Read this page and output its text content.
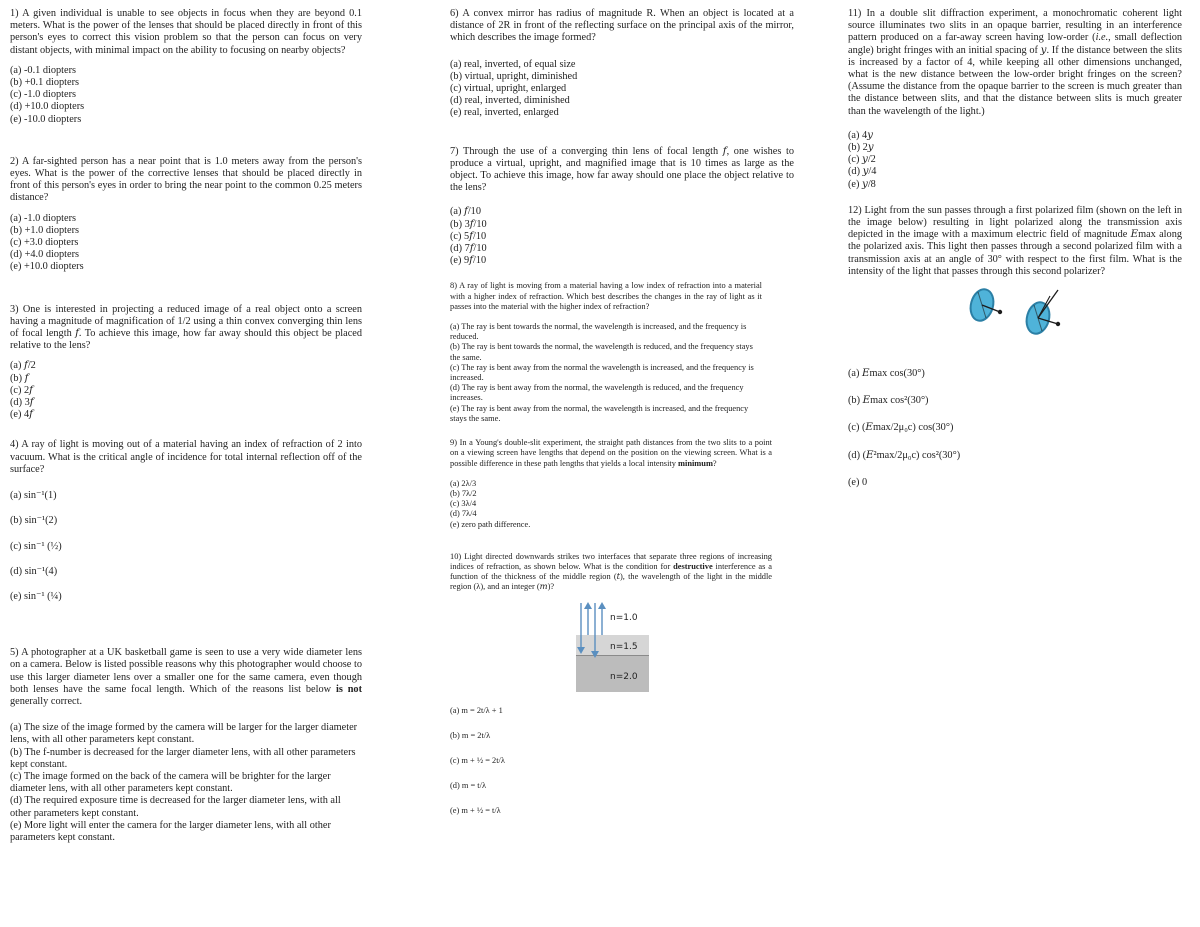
1) A given individual is unable to see objects in focus when they are beyond 0.1 meters. What is the power of the lenses that should be placed directly in front of this person's eyes to correct this vision problem so that the person can focus on very distant objects, with minimal impact on the ability to focusing on nearby objects?

(a) -0.1 diopters
(b) +0.1 diopters
(c) -1.0 diopters
(d) +10.0 diopters
(e) -10.0 diopters

2) A far-sighted person has a near point that is 1.0 meters away from the person's eyes. What is the power of the corrective lenses that should be placed directly in front of this person's eyes in order to bring the near point to the common 0.25 meters distance?

(a) -1.0 diopters
(b) +1.0 diopters
(c) +3.0 diopters
(d) +4.0 diopters
(e) +10.0 diopters

3) One is interested in projecting a reduced image of a real object onto a screen having a magnitude of magnification of 1/2 using a thin convex converging thin lens of focal length 𝑓. To achieve this image, how far away should this object be placed relative to the lens?

(a) 𝑓/2
(b) 𝑓
(c) 2𝑓
(d) 3𝑓
(e) 4𝑓

4) A ray of light is moving out of a material having an index of refraction of 2 into vacuum. What is the critical angle of incidence for total internal reflection off of the surface?

(a) sin⁻¹(1)
(b) sin⁻¹(2)
(c) sin⁻¹ (½)
(d) sin⁻¹(4)
(e) sin⁻¹ (¼)

5) A photographer at a UK basketball game is seen to use a very wide diameter lens on a camera. Below is listed possible reasons why this photographer would choose to use this larger diameter lens over a smaller one for the same camera, even though both lenses have the same focal length. Which of the reasons list below is not generally correct.

(a) The size of the image formed by the camera will be larger for the larger diameter lens, with all other parameters kept constant.
(b) The f-number is decreased for the larger diameter lens, with all other parameters kept constant.
(c) The image formed on the back of the camera will be brighter for the larger diameter lens, with all other parameters kept constant.
(d) The required exposure time is decreased for the larger diameter lens, with all other parameters kept constant.
(e) More light will enter the camera for the larger diameter lens, with all other parameters kept constant.

6) A convex mirror has radius of magnitude R. When an object is located at a distance of 2R in front of the reflecting surface on the principal axis of the mirror, which describes the image formed?

(a) real, inverted, of equal size
(b) virtual, upright, diminished
(c) virtual, upright, enlarged
(d) real, inverted, diminished
(e) real, inverted, enlarged

7) Through the use of a converging thin lens of focal length 𝑓, one wishes to produce a virtual, upright, and magnified image that is 10 times as large as the object. To achieve this image, how far away should one place the object relative to the lens?

(a) 𝑓/10
(b) 3𝑓/10
(c) 5𝑓/10
(d) 7𝑓/10
(e) 9𝑓/10

8) A ray of light is moving from a material having a low index of refraction into a material with a higher index of refraction. Which best describes the changes in the ray of light as it passes into the material with the higher index of refraction?

(a) The ray is bent towards the normal, the wavelength is increased, and the frequency is reduced.
(b) The ray is bent towards the normal, the wavelength is reduced, and the frequency stays the same.
(c) The ray is bent away from the normal the wavelength is increased, and the frequency is increased.
(d) The ray is bent away from the normal, the wavelength is reduced, and the frequency increases.
(e) The ray is bent away from the normal, the wavelength is increased, and the frequency stays the same.

9) In a Young's double-slit experiment, the straight path distances from the two slits to a point on a viewing screen have lengths that depend on the position on the viewing screen. What is a possible difference in these path lengths that yields a local intensity minimum?

(a) 2λ/3
(b) 7λ/2
(c) 3λ/4
(d) 7λ/4
(e) zero path difference.

10) Light directed downwards strikes two interfaces that separate three regions of increasing indices of refraction, as shown below. What is the condition for destructive interference as a function of the thickness of the middle region (𝑡), the wavelength of the light in the middle region (λ), and an integer (𝑚)?

n=1.0
n=1.5
n=2.0
(a) m = 2t/λ + 1
(b) m = 2t/λ
(c) m + ½ = 2t/λ
(d) m = t/λ
(e) m + ½ = t/λ

11) In a double slit diffraction experiment, a monochromatic coherent light source illuminates two slits in an opaque barrier, resulting in an interference pattern produced on a far-away screen having low-order (i.e., small deflection angle) bright fringes with an initial spacing of 𝑦. If the distance between the slits is increased by a factor of 4, while keeping all other dimensions unchanged, what is the new distance between the low-order bright fringes on the screen? (Assume the distance from the opaque barrier to the screen is much greater than the distance between slits, and that the distance between slits is much greater than the wavelength of the light.)

(a) 4𝑦
(b) 2𝑦
(c) 𝑦/2
(d) 𝑦/4
(e) 𝑦/8

12) Light from the sun passes through a first polarized film (shown on the left in the image below) resulting in light polarized along the transmission axis depicted in the image with a maximum electric field of magnitude 𝐸max along the polarized axis. This light then passes through a second polarized film with a transmission axis at an angle of 30° with respect to the first film. What is the intensity of the light that passes through this second polarizer?

(a) 𝐸max cos(30°)
(b) 𝐸max cos²(30°)
(c) (𝐸max/2μ₀c) cos(30°)
(d) (𝐸²max/2μ₀c) cos²(30°)
(e) 0
